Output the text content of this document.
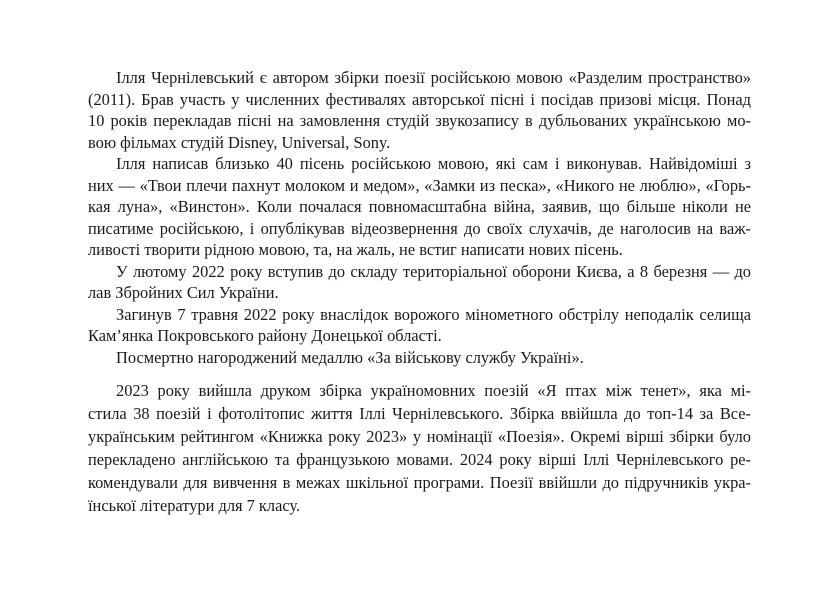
Ілля Чернілевський є автором збірки поезії російською мовою «Разделим пространство»
(2011). Брав участь у численних фестивалях авторської пісні і посідав призові місця. Понад
10 років перекладав пісні на замовлення студій звукозапису в дубльованих українською мо-
вою фільмах студій Disney, Universal, Sony.
Ілля написав близько 40 пісень російською мовою, які сам і виконував. Найвідоміші з
них — «Твои плечи пахнут молоком и медом», «Замки из песка», «Никого не люблю», «Горь-
кая луна», «Винстон». Коли почалася повномасштабна війна, заявив, що більше ніколи не
писатиме російською, і опублікував відеозвернення до своїх слухачів, де наголосив на важ-
ливості творити рідною мовою, та, на жаль, не встиг написати нових пісень.
У лютому 2022 року вступив до складу територіальної оборони Києва, а 8 березня — до
лав Збройних Сил України.
Загинув 7 травня 2022 року внаслідок ворожого мінометного обстрілу неподалік селища
Кам’янка Покровського району Донецької області.
Посмертно нагороджений медаллю «За військову службу Україні».
2023 року вийшла друком збірка україномовних поезій «Я птах між тенет», яка мі-
стила 38 поезій і фотолітопис життя Іллі Чернілевського. Збірка ввійшла до топ-14 за Все-
українським рейтингом «Книжка року 2023» у номінації «Поезія». Окремі вірші збірки було
перекладено англійською та французькою мовами. 2024 року вірші Іллі Чернілевського ре-
комендували для вивчення в межах шкільної програми. Поезії ввійшли до підручників укра-
їнської літератури для 7 класу.
